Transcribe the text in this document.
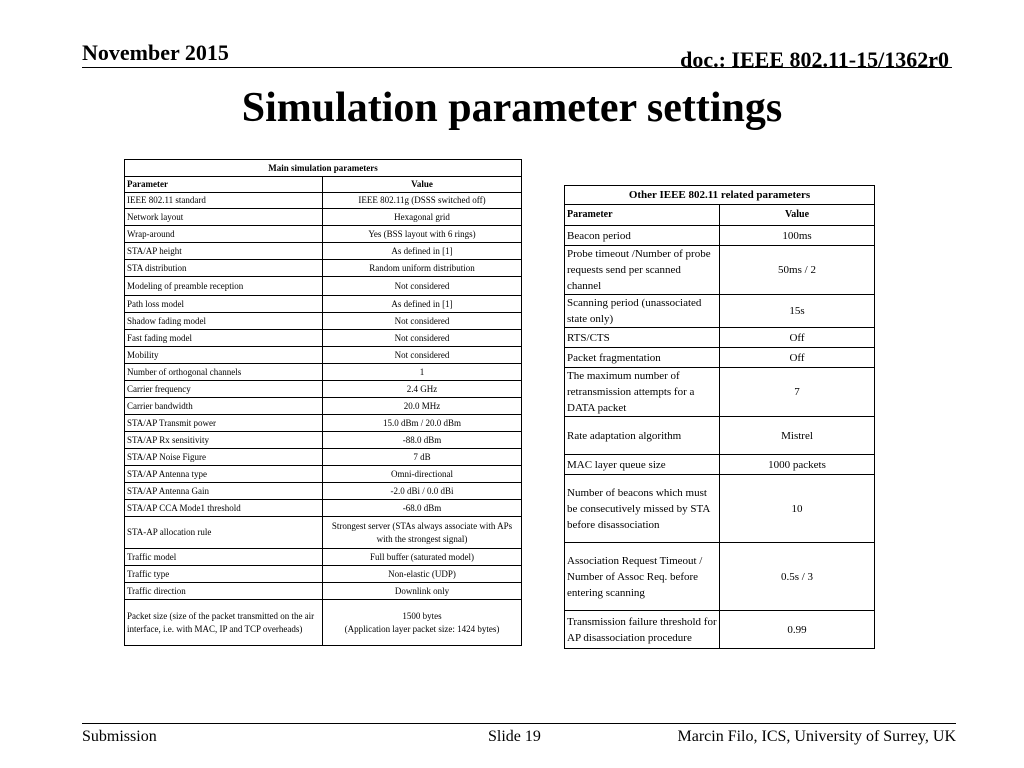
November 2015	doc.: IEEE 802.11-15/1362r0
Simulation parameter settings
Main simulation parameters	
Parameter	Value
IEEE 802.11 standard	IEEE 802.11g (DSSS switched off)
Network layout	Hexagonal grid
Wrap-around	Yes (BSS layout with 6 rings)
STA/AP height	As defined in [1]
STA distribution	Random uniform distribution
Modeling of preamble reception	Not considered
Path loss model	As defined in [1]
Shadow fading model	Not considered
Fast fading model	Not considered
Mobility	Not considered
Number of orthogonal channels	1
Carrier frequency	2.4 GHz
Carrier bandwidth	20.0 MHz
STA/AP Transmit power	15.0 dBm / 20.0 dBm
STA/AP Rx sensitivity	-88.0 dBm
STA/AP Noise Figure	7 dB
STA/AP Antenna type	Omni-directional
STA/AP Antenna Gain	-2.0 dBi / 0.0 dBi
STA/AP CCA Mode1 threshold	-68.0 dBm
STA-AP allocation rule	Strongest server (STAs always associate with APs with the strongest signal)
Traffic model	Full buffer (saturated model)
Traffic type	Non-elastic (UDP)
Traffic direction	Downlink only
Packet size (size of the packet transmitted on the air interface, i.e. with MAC, IP and TCP overheads)	1500 bytes
(Application layer packet size: 1424 bytes)
Other IEEE 802.11 related parameters	
Parameter	Value
Beacon period	100ms
Probe timeout /Number of probe requests send per scanned channel	50ms / 2
Scanning period (unassociated state only)	15s
RTS/CTS	Off
Packet fragmentation	Off
The maximum number of retransmission attempts for a DATA packet	7
Rate adaptation algorithm	Mistrel
MAC layer queue size	1000 packets
Number of beacons which must be consecutively missed by STA before disassociation	10
Association Request Timeout / Number of Assoc Req. before entering scanning	0.5s / 3
Transmission failure threshold for AP disassociation procedure	0.99
Submission	Slide 19	Marcin Filo, ICS, University of Surrey, UK
